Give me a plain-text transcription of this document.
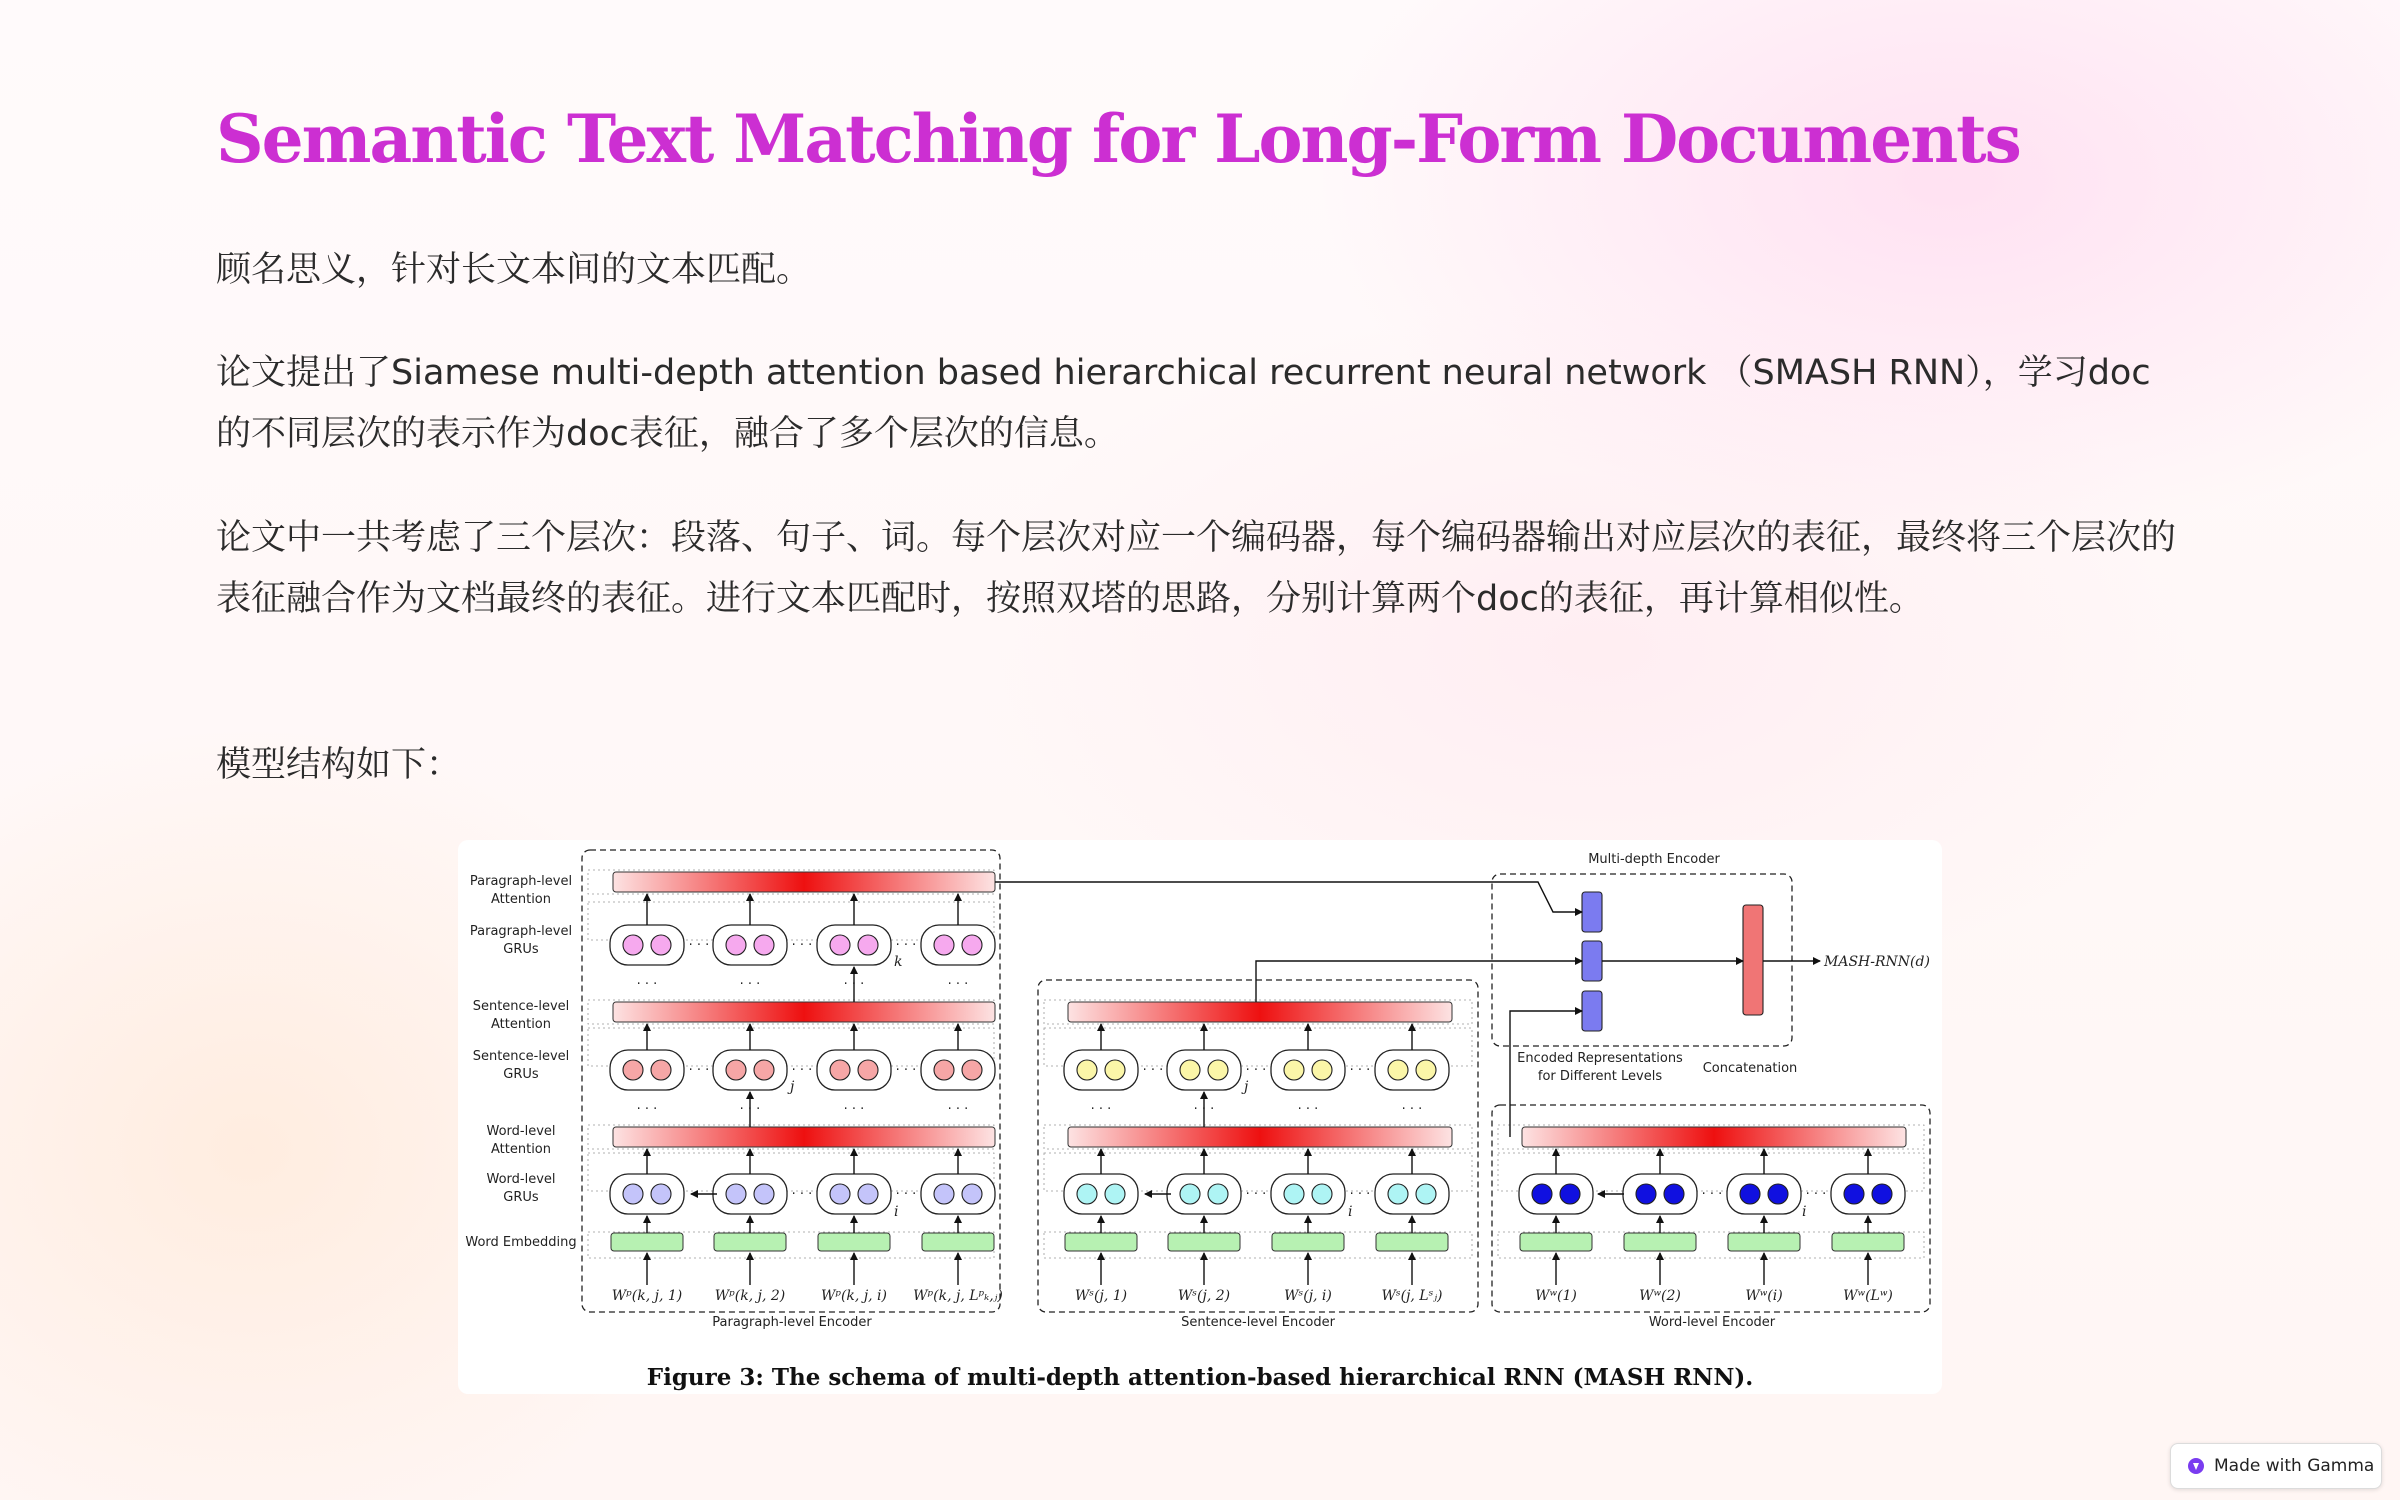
Semantic Text Matching for Long-Form Documents

顾名思义，针对长文本间的文本匹配。

论文提出了Siamese multi-depth attention based hierarchical recurrent neural network （SMASH RNN），学习doc的不同层次的表示作为doc表征，融合了多个层次的信息。

论文中一共考虑了三个层次：段落、句子、词。每个层次对应一个编码器，每个编码器输出对应层次的表征，最终将三个层次的表征融合作为文档最终的表征。进行文本匹配时，按照双塔的思路，分别计算两个doc的表征，再计算相似性。

模型结构如下：

Paragraph-level
Attention
Paragraph-level
GRUs
Sentence-level
Attention
Sentence-level
GRUs
Word-level
Attention
Word-level
GRUs
Word Embedding
· · ·
· · ·
· · ·
· · ·
· · ·
· · ·
· · ·
· · ·
· · ·	· · ·	· · ·
· · ·	· · ·	· · ·
· · ·	· · ·
k
j
i
Wᵖ(k, j, 1) Wᵖ(k, j, 2)	Wᵖ(k, j, i) Wᵖ(k, j, Lᵖₖ,ⱼ)
Paragraph-level Encoder
· · ·	· · ·	· · ·	· · ·
· · ·	· · ·	· · ·
· · ·	· · ·
j
i
Wˢ(j, 1)	Wˢ(j, 2)	Wˢ(j, i)	Wˢ(j, Lˢⱼ)
Sentence-level Encoder
· · ·	· · ·
i
Wʷ(1)	Wʷ(2)	Wʷ(i)	Wʷ(Lʷ)
Word-level Encoder
Multi-depth Encoder
MASH-RNN(d)
Encoded Representations
for Different Levels
Concatenation
Figure 3: The schema of multi-depth attention-based hierarchical RNN (MASH RNN).
Made with Gamma
